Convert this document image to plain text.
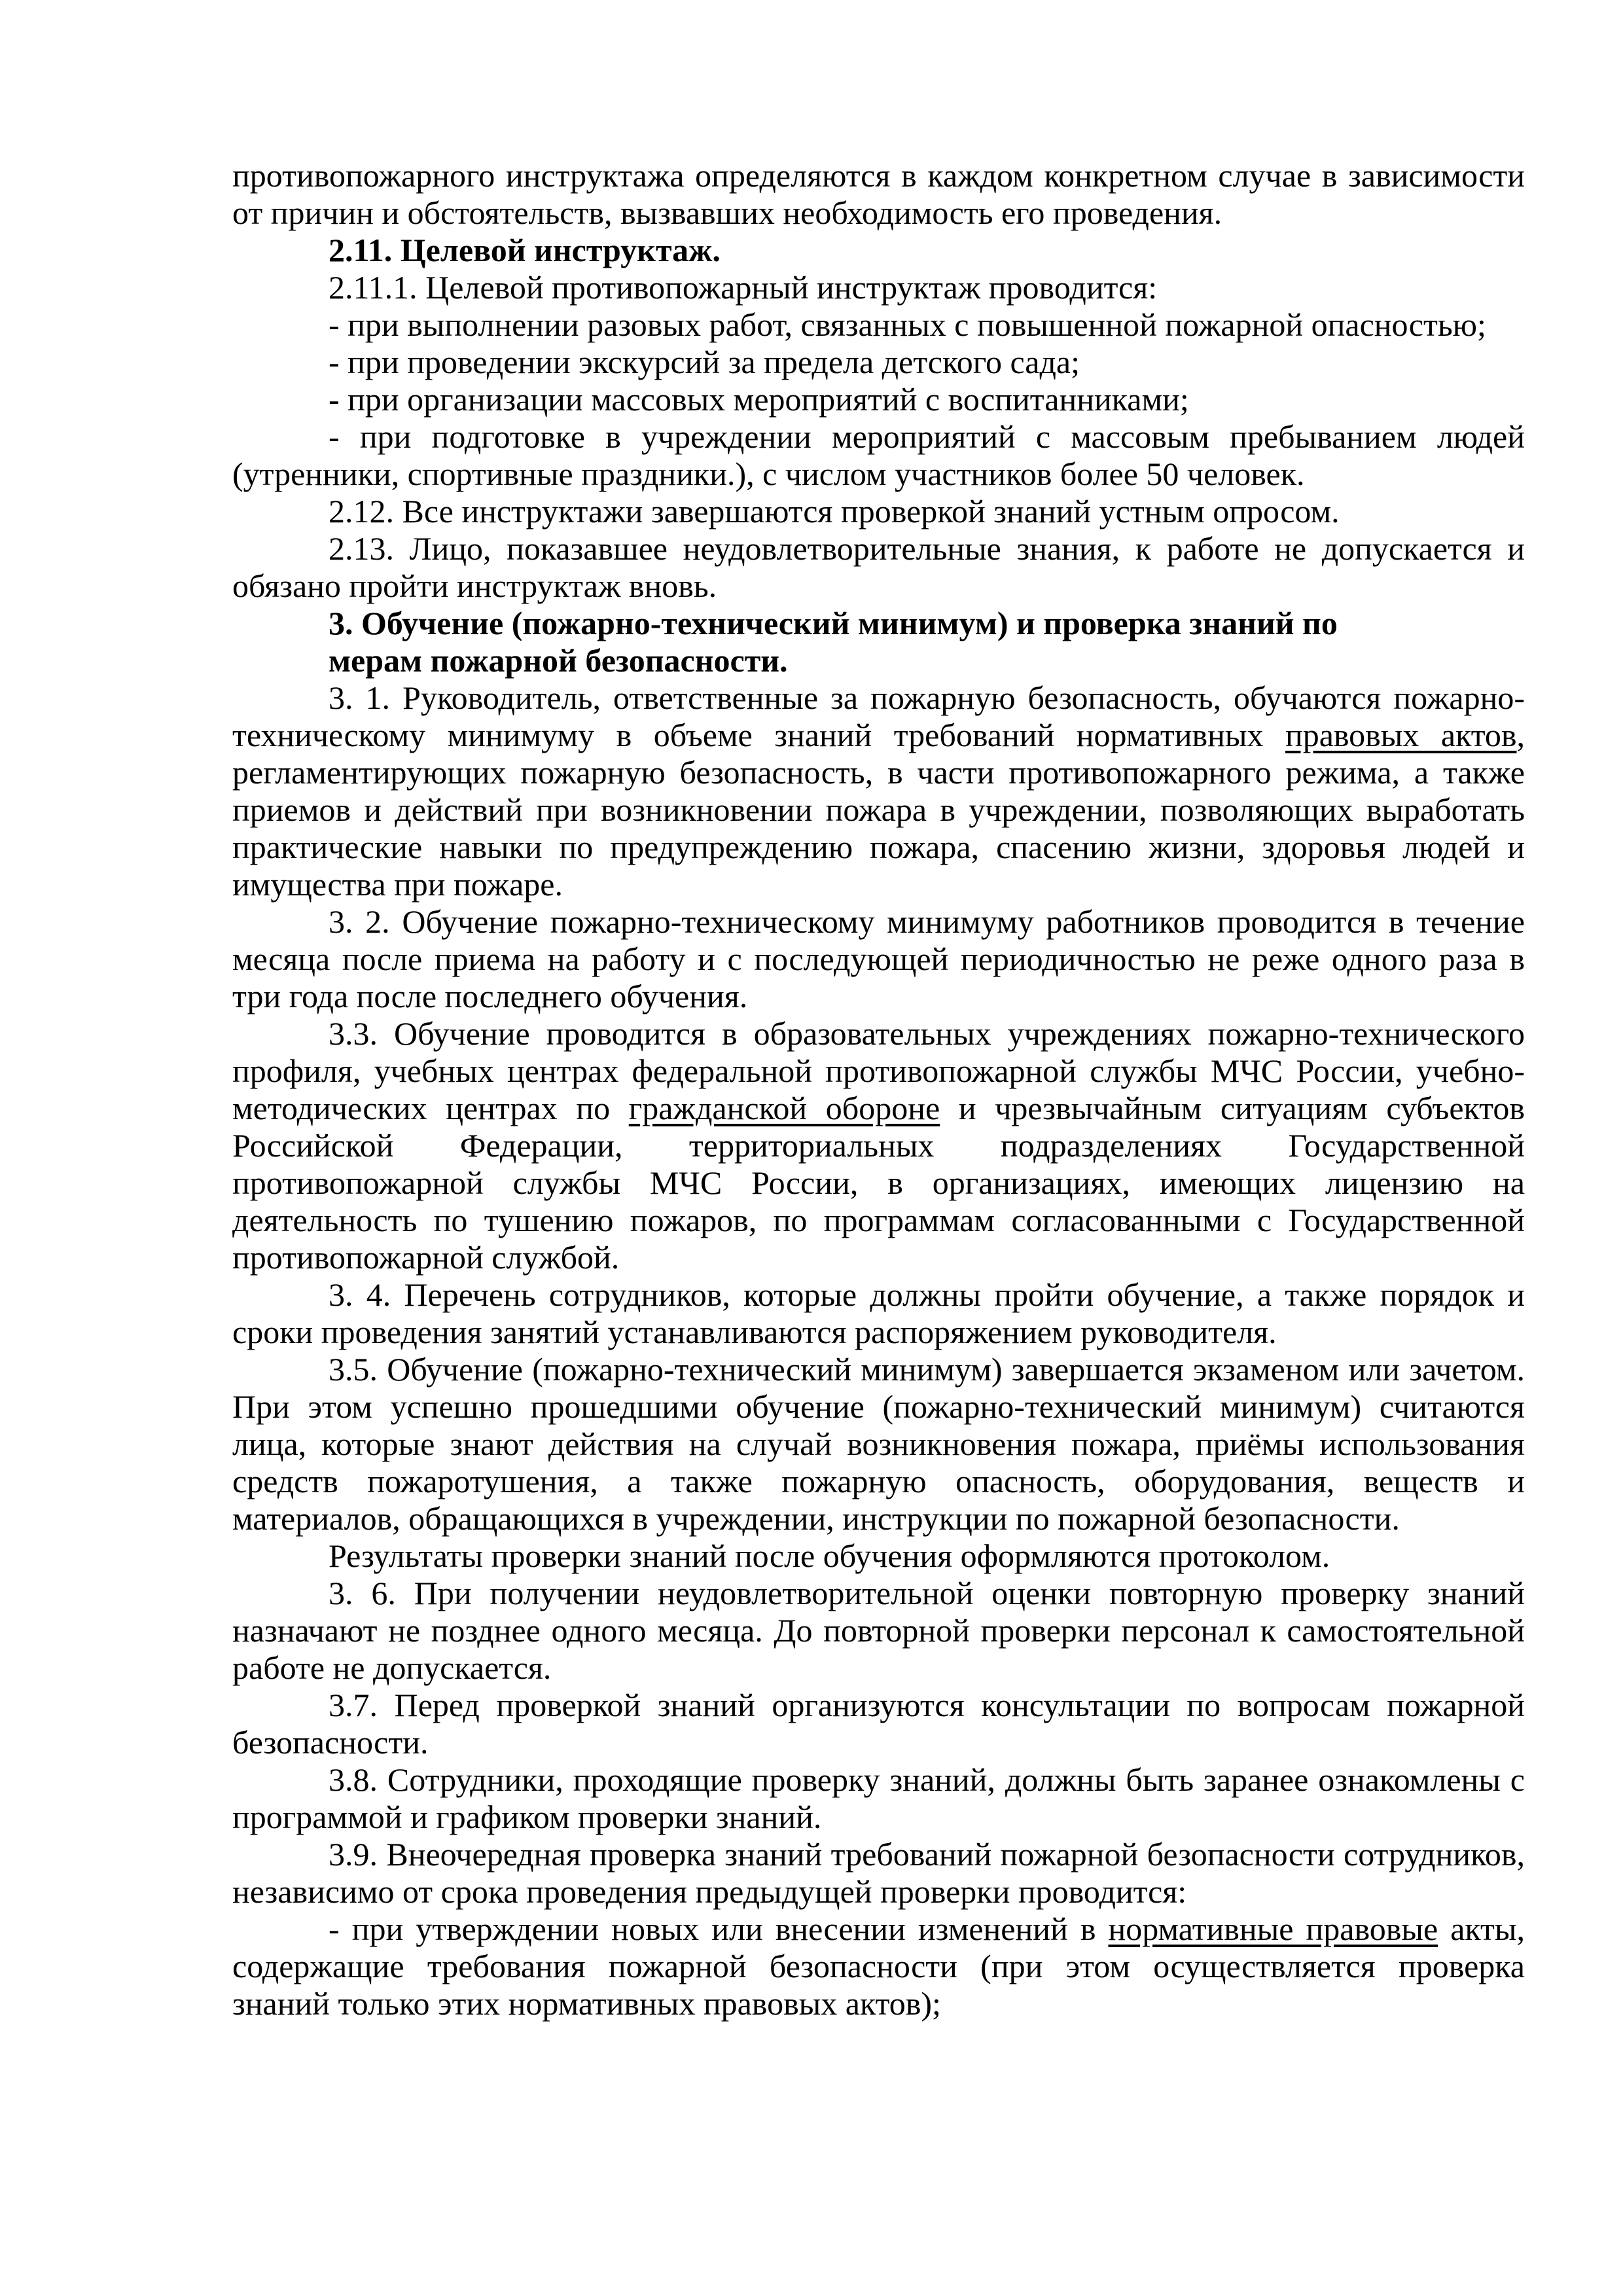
противопожарного инструктажа определяются в каждом конкретном случае в зависимости от причин и обстоятельств, вызвавших необходимость его проведения.

2.11. Целевой инструктаж.

2.11.1. Целевой противопожарный инструктаж проводится:

- при выполнении разовых работ, связанных с повышенной пожарной опасностью;

- при проведении экскурсий за предела детского сада;

- при организации массовых мероприятий с воспитанниками;

- при подготовке в учреждении мероприятий с массовым пребыванием людей (утренники, спортивные праздники.), с числом участников более 50 человек.

2.12. Все инструктажи завершаются проверкой знаний устным опросом.

2.13. Лицо, показавшее неудовлетворительные знания, к работе не допускается и обязано пройти инструктаж вновь.

3. Обучение (пожарно-технический минимум) и проверка знаний по
мерам пожарной безопасности.

3. 1. Руководитель, ответственные за пожарную безопасность, обучаются пожарно-техническому минимуму в объеме знаний требований нормативных правовых актов, регламентирующих пожарную безопасность, в части противопожарного режима, а также приемов и действий при возникновении пожара в учреждении, позволяющих выработать практические навыки по предупреждению пожара, спасению жизни, здоровья людей и имущества при пожаре.

3. 2. Обучение пожарно-техническому минимуму работников проводится в течение месяца после приема на работу и с последующей периодичностью не реже одного раза в три года после последнего обучения.

3.3. Обучение проводится в образовательных учреждениях пожарно-технического профиля, учебных центрах федеральной противопожарной службы МЧС России, учебно-методических центрах по гражданской обороне и чрезвычайным ситуациям субъектов Российской Федерации, территориальных подразделениях Государственной противопожарной службы МЧС России, в организациях, имеющих лицензию на деятельность по тушению пожаров, по программам согласованными с Государственной противопожарной службой.

3. 4. Перечень сотрудников, которые должны пройти обучение, а также порядок и сроки проведения занятий устанавливаются распоряжением руководителя.

3.5. Обучение (пожарно-технический минимум) завершается экзаменом или зачетом. При этом успешно прошедшими обучение (пожарно-технический минимум) считаются лица, которые знают действия на случай возникновения пожара, приёмы использования средств пожаротушения, а также пожарную опасность, оборудования, веществ и материалов, обращающихся в учреждении, инструкции по пожарной безопасности.

Результаты проверки знаний после обучения оформляются протоколом.

3. 6. При получении неудовлетворительной оценки повторную проверку знаний назначают не позднее одного месяца. До повторной проверки персонал к самостоятельной работе не допускается.

3.7. Перед проверкой знаний организуются консультации по вопросам пожарной безопасности.

3.8. Сотрудники, проходящие проверку знаний, должны быть заранее ознакомлены с программой и графиком проверки знаний.

3.9. Внеочередная проверка знаний требований пожарной безопасности сотрудников, независимо от срока проведения предыдущей проверки проводится:

- при утверждении новых или внесении изменений в нормативные правовые акты, содержащие требования пожарной безопасности (при этом осуществляется проверка знаний только этих нормативных правовых актов);
